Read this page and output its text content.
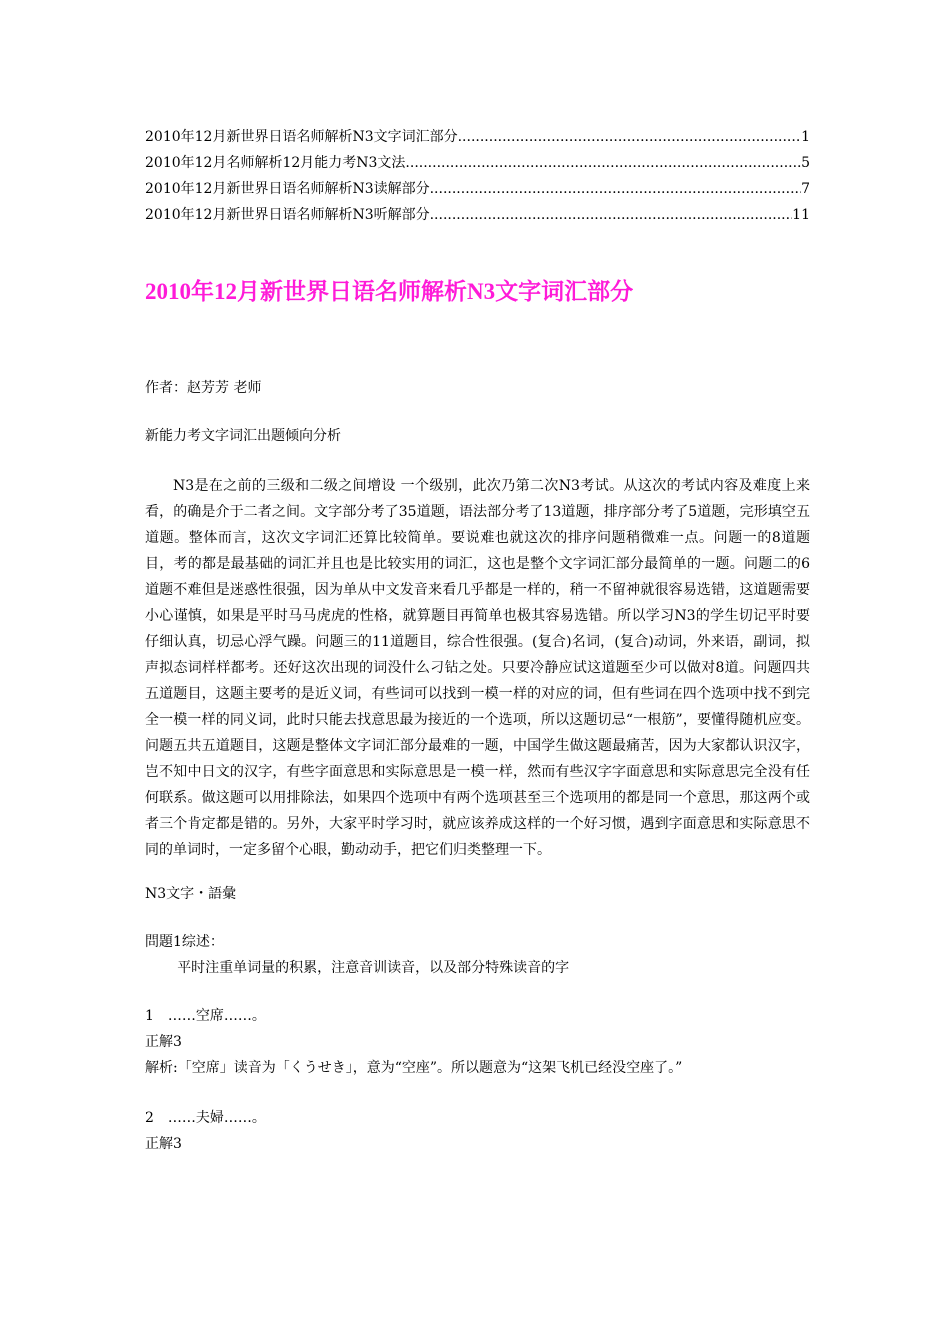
2010年12月新世界日语名师解析N3文字词汇部分 .....	1
2010年12月名师解析12月能力考N3文法 .....	5
2010年12月新世界日语名师解析N3读解部分 .....	7
2010年12月新世界日语名师解析N3听解部分 .....	11
2010年12月新世界日语名师解析N3文字词汇部分

作者：赵芳芳 老师

新能力考文字词汇出题倾向分析

N3是在之前的三级和二级之间增设 一个级别，此次乃第二次N3考试。从这次的考试内容及难度上来看，的确是介于二者之间。文字部分考了35道题，语法部分考了13道题，排序部分考了5道题，完形填空五道题。整体而言，这次文字词汇还算比较简单。要说难也就这次的排序问题稍微难一点。问题一的8道题目，考的都是最基础的词汇并且也是比较实用的词汇，这也是整个文字词汇部分最简单的一题。问题二的6道题不难但是迷惑性很强，因为单从中文发音来看几乎都是一样的，稍一不留神就很容易选错，这道题需要小心谨慎，如果是平时马马虎虎的性格，就算题目再简单也极其容易选错。所以学习N3的学生切记平时要仔细认真，切忌心浮气躁。问题三的11道题目，综合性很强。(复合)名词，(复合)动词，外来语，副词，拟声拟态词样样都考。还好这次出现的词没什么刁钻之处。只要冷静应试这道题至少可以做对8道。问题四共五道题目，这题主要考的是近义词，有些词可以找到一模一样的对应的词，但有些词在四个选项中找不到完全一模一样的同义词，此时只能去找意思最为接近的一个选项，所以这题切忌“一根筋”，要懂得随机应变。问题五共五道题目，这题是整体文字词汇部分最难的一题，中国学生做这题最痛苦，因为大家都认识汉字，岂不知中日文的汉字，有些字面意思和实际意思是一模一样，然而有些汉字字面意思和实际意思完全没有任何联系。做这题可以用排除法，如果四个选项中有两个选项甚至三个选项用的都是同一个意思，那这两个或者三个肯定都是错的。另外，大家平时学习时，就应该养成这样的一个好习惯，遇到字面意思和实际意思不同的单词时，一定多留个心眼，勤动动手，把它们归类整理一下。

N3文字・語彙

問題1综述：

平时注重单词量的积累，注意音训读音，以及部分特殊读音的字

1　……空席……。

正解3

解析:「空席」读音为「くうせき」，意为“空座”。所以题意为“这架飞机已经没空座了。”

2　……夫婦……。

正解3
